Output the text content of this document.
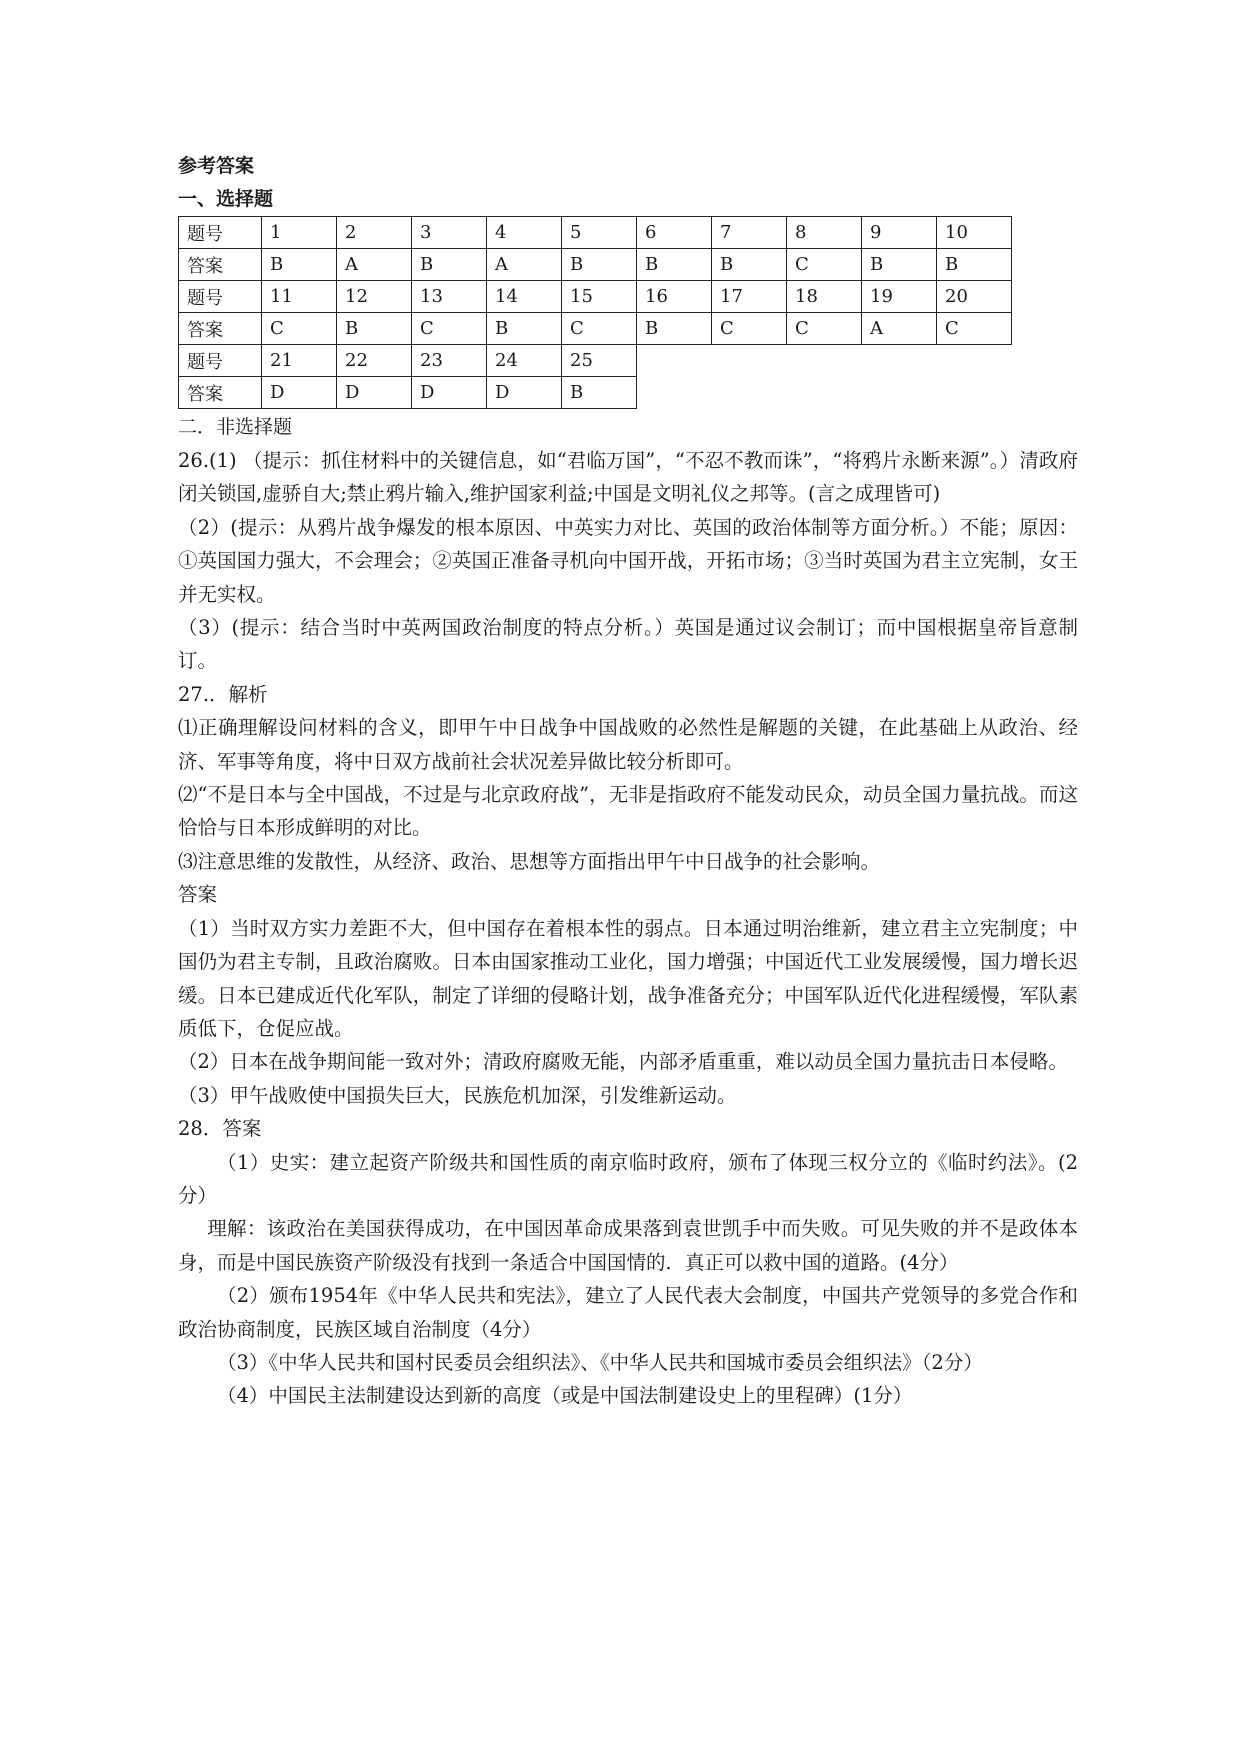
参考答案

一、选择题

题号	1	2	3	4	5	6	7	8	9	10
答案	B	A	B	A	B	B	B	C	B	B
题号	11	12	13	14	15	16	17	18	19	20
答案	C	B	C	B	C	B	C	C	A	C
题号	21	22	23	24	25					
答案	D	D	D	D	B					

二．非选择题

26.(1) （提示：抓住材料中的关键信息，如“君临万国”，“不忍不教而诛”，“将鸦片永断来源”。）清政府闭关锁国,虚骄自大;禁止鸦片输入,维护国家利益;中国是文明礼仪之邦等。(言之成理皆可)

（2）(提示：从鸦片战争爆发的根本原因、中英实力对比、英国的政治体制等方面分析。）不能；原因：①英国国力强大，不会理会；②英国正准备寻机向中国开战，开拓市场；③当时英国为君主立宪制，女王并无实权。

（3）(提示：结合当时中英两国政治制度的特点分析。）英国是通过议会制订；而中国根据皇帝旨意制订。

27.．解析

⑴正确理解设问材料的含义，即甲午中日战争中国战败的必然性是解题的关键，在此基础上从政治、经济、军事等角度，将中日双方战前社会状况差异做比较分析即可。

⑵“不是日本与全中国战，不过是与北京政府战”，无非是指政府不能发动民众，动员全国力量抗战。而这恰恰与日本形成鲜明的对比。

⑶注意思维的发散性，从经济、政治、思想等方面指出甲午中日战争的社会影响。

答案

（1）当时双方实力差距不大，但中国存在着根本性的弱点。日本通过明治维新，建立君主立宪制度；中国仍为君主专制，且政治腐败。日本由国家推动工业化，国力增强；中国近代工业发展缓慢，国力增长迟缓。日本已建成近代化军队，制定了详细的侵略计划，战争准备充分；中国军队近代化进程缓慢，军队素质低下，仓促应战。

（2）日本在战争期间能一致对外；清政府腐败无能，内部矛盾重重，难以动员全国力量抗击日本侵略。

（3）甲午战败使中国损失巨大，民族危机加深，引发维新运动。

28．答案

（1）史实：建立起资产阶级共和国性质的南京临时政府，颁布了体现三权分立的《临时约法》。(2分）

理解：该政治在美国获得成功，在中国因革命成果落到袁世凯手中而失败。可见失败的并不是政体本身，而是中国民族资产阶级没有找到一条适合中国国情的．真正可以救中国的道路。(4分）

（2）颁布1954年《中华人民共和宪法》，建立了人民代表大会制度，中国共产党领导的多党合作和政治协商制度，民族区域自治制度（4分）

（3）《中华人民共和国村民委员会组织法》、《中华人民共和国城市委员会组织法》（2分）

（4）中国民主法制建设达到新的高度（或是中国法制建设史上的里程碑）(1分）
